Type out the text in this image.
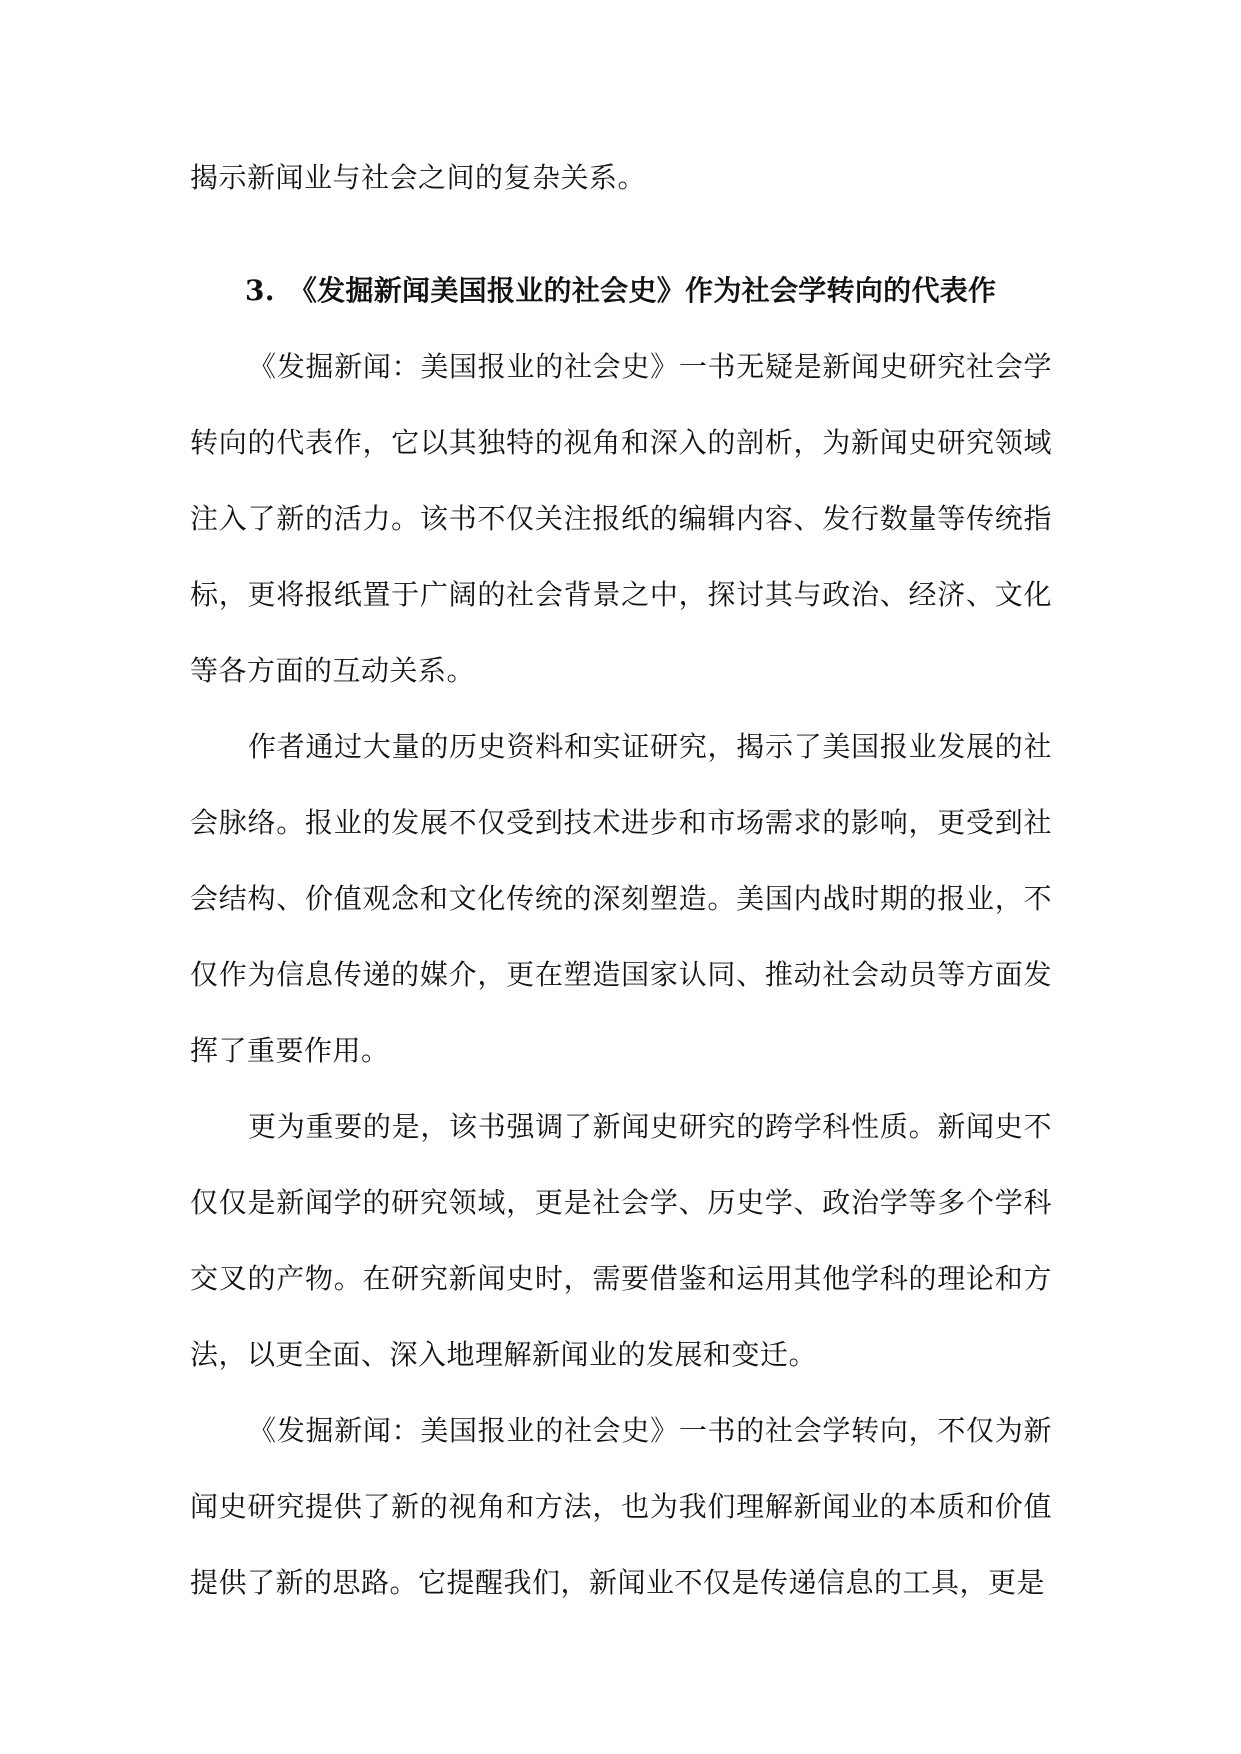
揭示新闻业与社会之间的复杂关系。

3. 《发掘新闻美国报业的社会史》作为社会学转向的代表作

《发掘新闻：美国报业的社会史》一书无疑是新闻史研究社会学转向的代表作，它以其独特的视角和深入的剖析，为新闻史研究领域注入了新的活力。该书不仅关注报纸的编辑内容、发行数量等传统指标，更将报纸置于广阔的社会背景之中，探讨其与政治、经济、文化等各方面的互动关系。

作者通过大量的历史资料和实证研究，揭示了美国报业发展的社会脉络。报业的发展不仅受到技术进步和市场需求的影响，更受到社会结构、价值观念和文化传统的深刻塑造。美国内战时期的报业，不仅作为信息传递的媒介，更在塑造国家认同、推动社会动员等方面发挥了重要作用。

更为重要的是，该书强调了新闻史研究的跨学科性质。新闻史不仅仅是新闻学的研究领域，更是社会学、历史学、政治学等多个学科交叉的产物。在研究新闻史时，需要借鉴和运用其他学科的理论和方法，以更全面、深入地理解新闻业的发展和变迁。

《发掘新闻：美国报业的社会史》一书的社会学转向，不仅为新闻史研究提供了新的视角和方法，也为我们理解新闻业的本质和价值提供了新的思路。它提醒我们，新闻业不仅是传递信息的工具，更是
